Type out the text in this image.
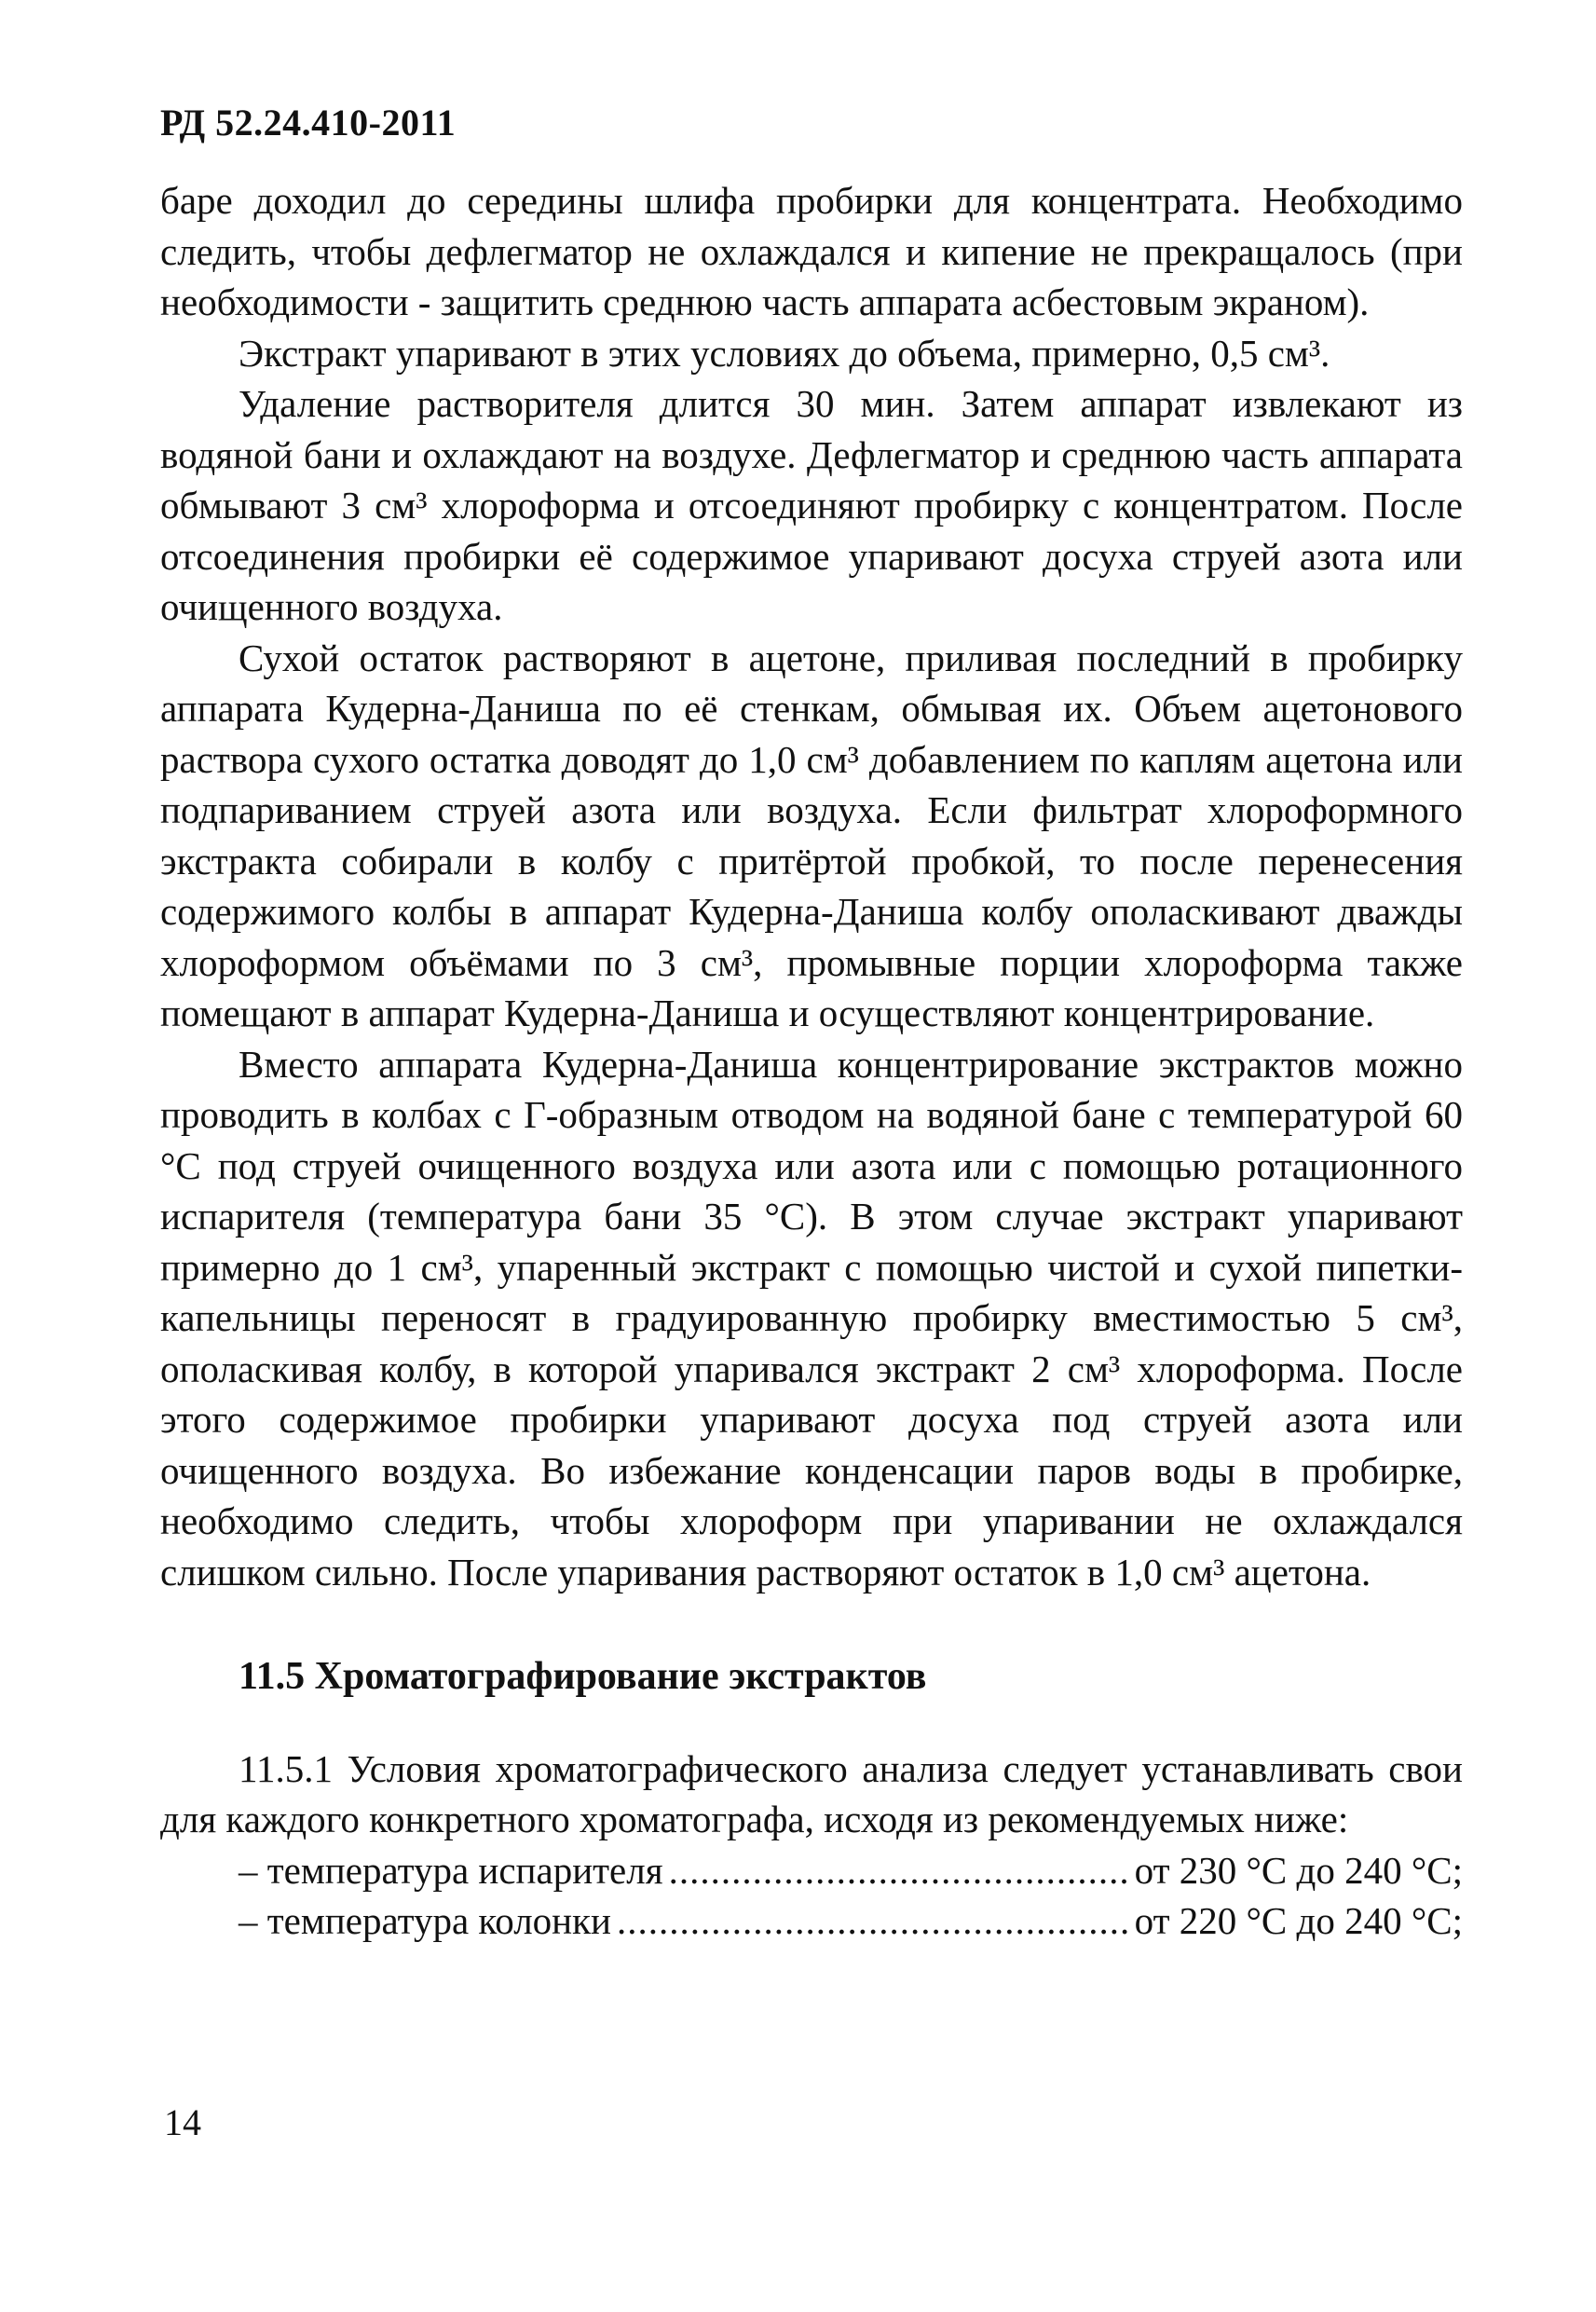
РД 52.24.410-2011

баре доходил до середины шлифа пробирки для концентрата. Необходимо следить, чтобы дефлегматор не охлаждался и кипение не прекращалось (при необходимости - защитить среднюю часть аппарата асбестовым экраном).

Экстракт упаривают в этих условиях до объема, примерно, 0,5 см³.

Удаление растворителя длится 30 мин. Затем аппарат извлекают из водяной бани и охлаждают на воздухе. Дефлегматор и среднюю часть аппарата обмывают 3 см³ хлороформа и отсоединяют пробирку с концентратом. После отсоединения пробирки её содержимое упаривают досуха струей азота или очищенного воздуха.

Сухой остаток растворяют в ацетоне, приливая последний в пробирку аппарата Кудерна-Даниша по её стенкам, обмывая их. Объем ацетонового раствора сухого остатка доводят до 1,0 см³ добавлением по каплям ацетона или подпариванием струей азота или воздуха. Если фильтрат хлороформного экстракта собирали в колбу с притёртой пробкой, то после перенесения содержимого колбы в аппарат Кудерна-Даниша колбу ополаскивают дважды хлороформом объёмами по 3 см³, промывные порции хлороформа также помещают в аппарат Кудерна-Даниша и осуществляют концентрирование.

Вместо аппарата Кудерна-Даниша концентрирование экстрактов можно проводить в колбах с Г-образным отводом на водяной бане с температурой 60 °С под струей очищенного воздуха или азота или с помощью ротационного испарителя (температура бани 35 °С). В этом случае экстракт упаривают примерно до 1 см³, упаренный экстракт с помощью чистой и сухой пипетки-капельницы переносят в градуированную пробирку вместимостью 5 см³, ополаскивая колбу, в которой упаривался экстракт 2 см³ хлороформа. После этого содержимое пробирки упаривают досуха под струей азота или очищенного воздуха. Во избежание конденсации паров воды в пробирке, необходимо следить, чтобы хлороформ при упаривании не охлаждался слишком сильно. После упаривания растворяют остаток в 1,0 см³ ацетона.

11.5 Хроматографирование экстрактов

11.5.1 Условия хроматографического анализа следует устанавливать свои для каждого конкретного хроматографа, исходя из рекомендуемых ниже:

– температура испарителя .....	от 230 °С до 240 °С;
– температура колонки .....	от 220 °С до 240 °С;
14
